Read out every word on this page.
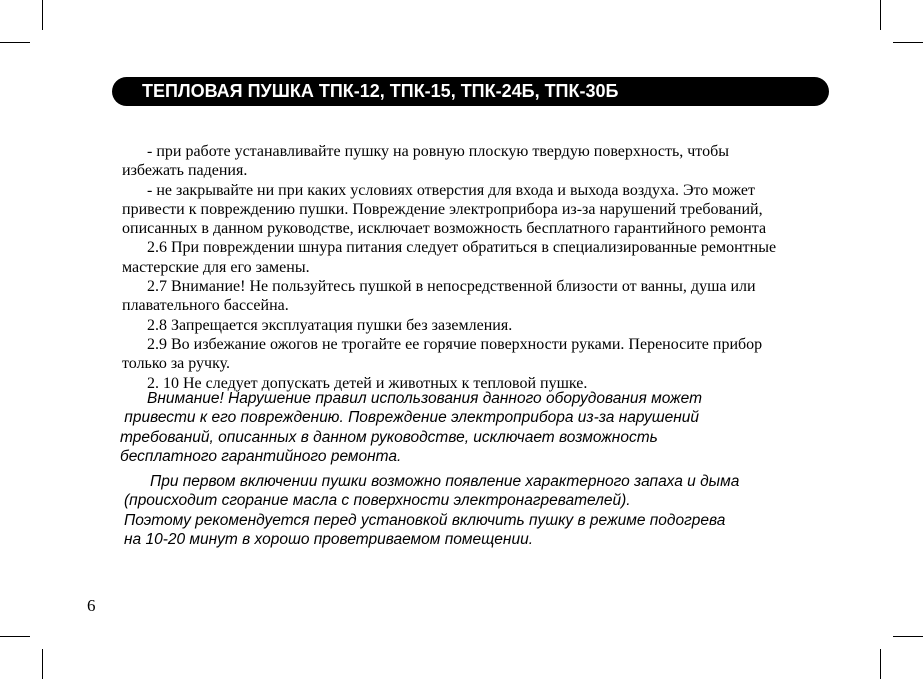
ТЕПЛОВАЯ ПУШКА ТПК-12, ТПК-15, ТПК-24Б, ТПК-30Б
- при работе устанавливайте пушку на ровную плоскую твердую поверхность, чтобы
избежать падения.
- не закрывайте ни при каких условиях отверстия для входа и выхода воздуха. Это может
привести к повреждению пушки. Повреждение электроприбора из-за нарушений требований,
описанных в данном руководстве, исключает возможность бесплатного гарантийного ремонта
2.6 При повреждении шнура питания следует обратиться в специализированные ремонтные
мастерские для его замены.
2.7 Внимание! Не пользуйтесь пушкой в непосредственной близости от ванны, душа или
плавательного бассейна.
2.8 Запрещается эксплуатация пушки без заземления.
2.9 Во избежание ожогов не трогайте ее горячие поверхности руками. Переносите прибор
только за ручку.
2. 10 Не следует допускать детей и животных к тепловой пушке.
Внимание! Нарушение правил использования данного оборудования может
привести к его повреждению. Повреждение электроприбора из-за нарушений
требований, описанных в данном руководстве, исключает возможность
бесплатного гарантийного ремонта.
При первом включении пушки возможно появление характерного запаха и дыма
(происходит сгорание масла с поверхности электронагревателей).
Поэтому рекомендуется перед установкой включить пушку в режиме подогрева
на 10-20 минут в хорошо проветриваемом помещении.
6
